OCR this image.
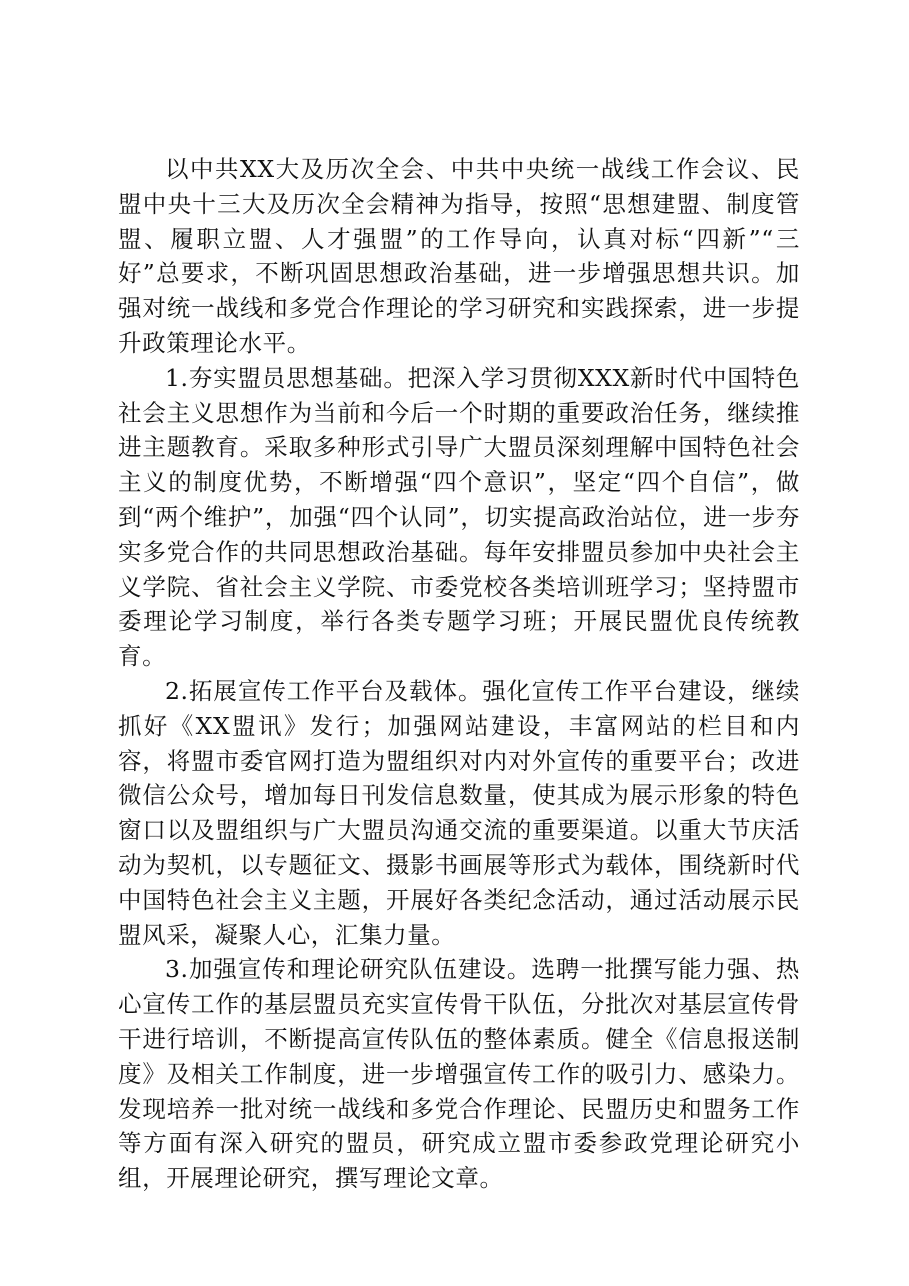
以中共XX大及历次全会、中共中央统一战线工作会议、民盟中央十三大及历次全会精神为指导，按照“思想建盟、制度管盟、履职立盟、人才强盟”的工作导向，认真对标“四新”“三好”总要求，不断巩固思想政治基础，进一步增强思想共识。加强对统一战线和多党合作理论的学习研究和实践探索，进一步提升政策理论水平。

1.夯实盟员思想基础。把深入学习贯彻XXX新时代中国特色社会主义思想作为当前和今后一个时期的重要政治任务，继续推进主题教育。采取多种形式引导广大盟员深刻理解中国特色社会主义的制度优势，不断增强“四个意识”，坚定“四个自信”，做到“两个维护”，加强“四个认同”，切实提高政治站位，进一步夯实多党合作的共同思想政治基础。每年安排盟员参加中央社会主义学院、省社会主义学院、市委党校各类培训班学习；坚持盟市委理论学习制度，举行各类专题学习班；开展民盟优良传统教育。

2.拓展宣传工作平台及载体。强化宣传工作平台建设，继续抓好《XX盟讯》发行；加强网站建设，丰富网站的栏目和内容，将盟市委官网打造为盟组织对内对外宣传的重要平台；改进微信公众号，增加每日刊发信息数量，使其成为展示形象的特色窗口以及盟组织与广大盟员沟通交流的重要渠道。以重大节庆活动为契机，以专题征文、摄影书画展等形式为载体，围绕新时代中国特色社会主义主题，开展好各类纪念活动，通过活动展示民盟风采，凝聚人心，汇集力量。

3.加强宣传和理论研究队伍建设。选聘一批撰写能力强、热心宣传工作的基层盟员充实宣传骨干队伍，分批次对基层宣传骨干进行培训，不断提高宣传队伍的整体素质。健全《信息报送制度》及相关工作制度，进一步增强宣传工作的吸引力、感染力。发现培养一批对统一战线和多党合作理论、民盟历史和盟务工作等方面有深入研究的盟员，研究成立盟市委参政党理论研究小组，开展理论研究，撰写理论文章。
